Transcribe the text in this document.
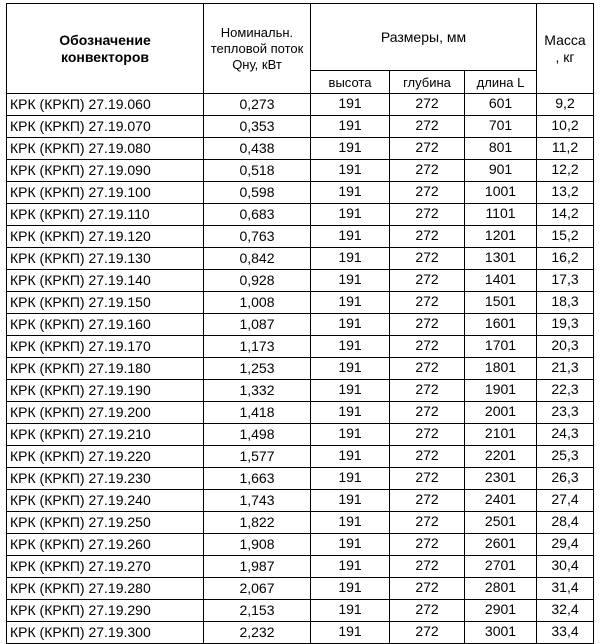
Обозначение конвекторов	Номинальн. тепловой поток Qну, кВт	Размеры, мм			Масса , кг

		высота	глубина	длина L	
КРК (КРКП) 27.19.060	0,273	191	272	601	9,2
КРК (КРКП) 27.19.070	0,353	191	272	701	10,2
КРК (КРКП) 27.19.080	0,438	191	272	801	11,2
КРК (КРКП) 27.19.090	0,518	191	272	901	12,2
КРК (КРКП) 27.19.100	0,598	191	272	1001	13,2
КРК (КРКП) 27.19.110	0,683	191	272	1101	14,2
КРК (КРКП) 27.19.120	0,763	191	272	1201	15,2
КРК (КРКП) 27.19.130	0,842	191	272	1301	16,2
КРК (КРКП) 27.19.140	0,928	191	272	1401	17,3
КРК (КРКП) 27.19.150	1,008	191	272	1501	18,3
КРК (КРКП) 27.19.160	1,087	191	272	1601	19,3
КРК (КРКП) 27.19.170	1,173	191	272	1701	20,3
КРК (КРКП) 27.19.180	1,253	191	272	1801	21,3
КРК (КРКП) 27.19.190	1,332	191	272	1901	22,3
КРК (КРКП) 27.19.200	1,418	191	272	2001	23,3
КРК (КРКП) 27.19.210	1,498	191	272	2101	24,3
КРК (КРКП) 27.19.220	1,577	191	272	2201	25,3
КРК (КРКП) 27.19.230	1,663	191	272	2301	26,3
КРК (КРКП) 27.19.240	1,743	191	272	2401	27,4
КРК (КРКП) 27.19.250	1,822	191	272	2501	28,4
КРК (КРКП) 27.19.260	1,908	191	272	2601	29,4
КРК (КРКП) 27.19.270	1,987	191	272	2701	30,4
КРК (КРКП) 27.19.280	2,067	191	272	2801	31,4
КРК (КРКП) 27.19.290	2,153	191	272	2901	32,4
КРК (КРКП) 27.19.300	2,232	191	272	3001	33,4
